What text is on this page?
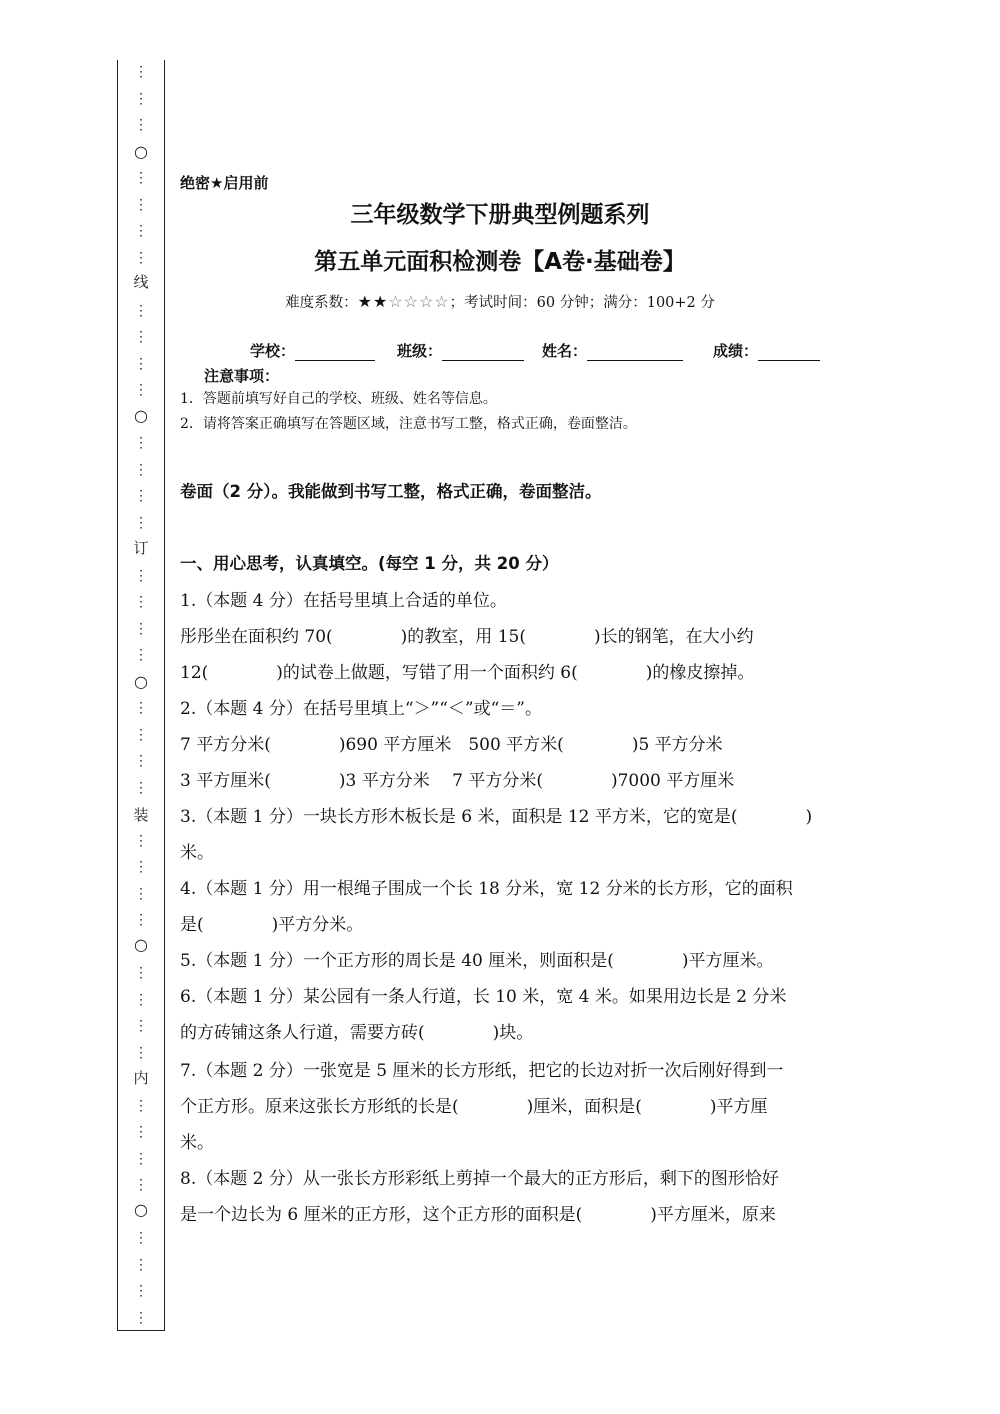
线
订
装
内
○
○
○
○
○
⋮
⋮
⋮
⋮
⋮
⋮
⋮
⋮
⋮
⋮
⋮
⋮
⋮
⋮
⋮
⋮
⋮
⋮
⋮
⋮
⋮
⋮
⋮
⋮
⋮
⋮
⋮
⋮
⋮
⋮
⋮
⋮
⋮
⋮
⋮
⋮
⋮
⋮
⋮
绝密★启用前
三年级数学下册典型例题系列
第五单元面积检测卷【A卷·基础卷】
难度系数：★★☆☆☆☆；考试时间：60 分钟；满分：100+2 分
学校：	班级：	姓名：	成绩：
注意事项：
1．答题前填写好自己的学校、班级、姓名等信息。
2．请将答案正确填写在答题区域，注意书写工整，格式正确，卷面整洁。
卷面（2 分）。我能做到书写工整，格式正确，卷面整洁。
一、用心思考，认真填空。(每空 1 分，共 20 分）
1.（本题 4 分）在括号里填上合适的单位。
彤彤坐在面积约 70(　　　　)的教室，用 15(　　　　)长的钢笔，在大小约
12(　　　　)的试卷上做题，写错了用一个面积约 6(　　　　)的橡皮擦掉。
2.（本题 4 分）在括号里填上“＞”“＜”或“＝”。
7 平方分米(　　　　)690 平方厘米　500 平方米(　　　　)5 平方分米
3 平方厘米(　　　　)3 平方分米　 7 平方分米(　　　　)7000 平方厘米
3.（本题 1 分）一块长方形木板长是 6 米，面积是 12 平方米，它的宽是(　　　　)
米。
4.（本题 1 分）用一根绳子围成一个长 18 分米，宽 12 分米的长方形，它的面积
是(　　　　)平方分米。
5.（本题 1 分）一个正方形的周长是 40 厘米，则面积是(　　　　)平方厘米。
6.（本题 1 分）某公园有一条人行道，长 10 米，宽 4 米。如果用边长是 2 分米
的方砖铺这条人行道，需要方砖(　　　　)块。
7.（本题 2 分）一张宽是 5 厘米的长方形纸，把它的长边对折一次后刚好得到一
个正方形。原来这张长方形纸的长是(　　　　)厘米，面积是(　　　　)平方厘
米。
8.（本题 2 分）从一张长方形彩纸上剪掉一个最大的正方形后，剩下的图形恰好
是一个边长为 6 厘米的正方形，这个正方形的面积是(　　　　)平方厘米，原来
